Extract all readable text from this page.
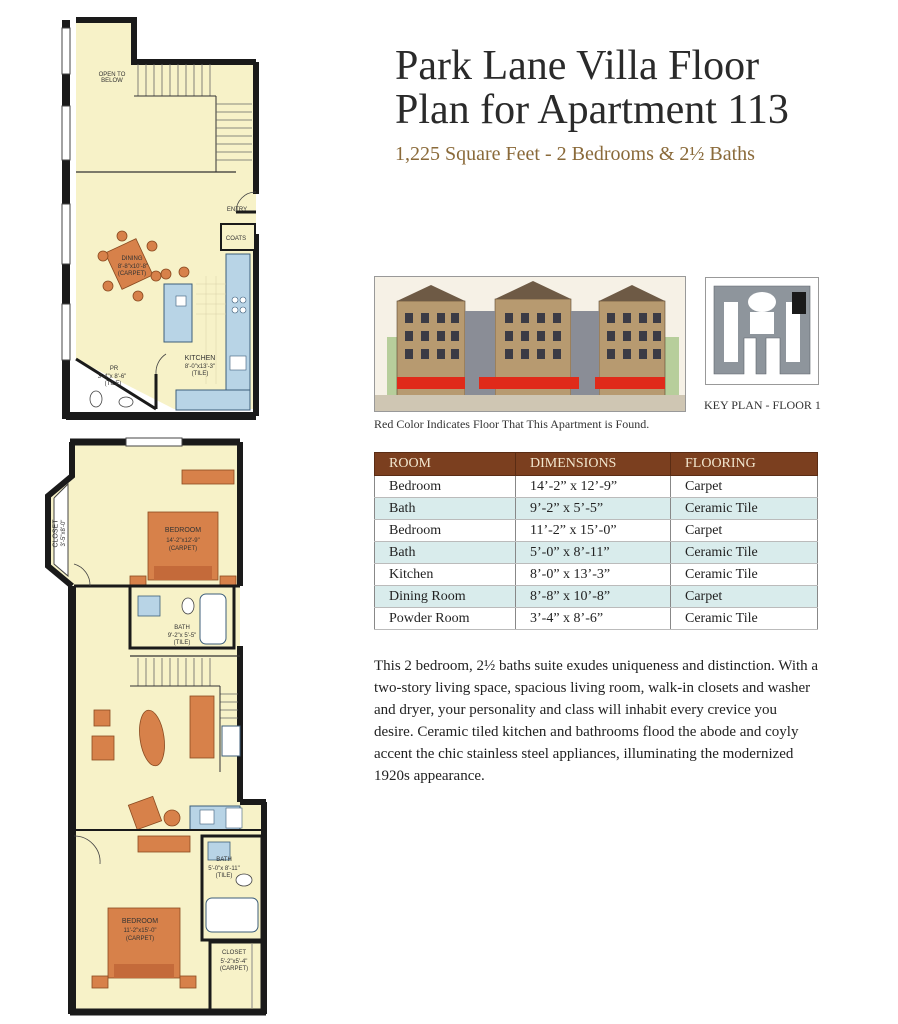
OPEN TO BELOW
ENTRY
COATS
DINING
8'-8"x10'-8"
(CARPET)
KITCHEN
8'-0"x13'-3"
(TILE)
PR
3'-4"x 8'-6"
(TILE)
CLOSET 3'-5"x8'-0"	BEDROOM
14'-2"x12'-9"
(CARPET)
BATH
9'-2"x 5'-5"
(TILE)
BATH
5'-0"x 8'-11"
(TILE)
BEDROOM
11'-2"x15'-0"
(CARPET)
CLOSET
5'-2"x5'-4"
(CARPET)
Park Lane Villa Floor
Plan for Apartment 113
1,225 Square Feet - 2 Bedrooms & 2½ Baths
Red Color Indicates Floor That This Apartment is Found.
KEY PLAN - FLOOR 1
ROOM	DIMENSIONS	FLOORING
Bedroom	14’-2” x 12’-9”	Carpet
Bath	9’-2” x 5’-5”	Ceramic Tile
Bedroom	11’-2” x 15’-0”	Carpet
Bath	5’-0” x 8’-11”	Ceramic Tile
Kitchen	8’-0” x 13’-3”	Ceramic Tile
Dining Room	8’-8” x 10’-8”	Carpet
Powder Room	3’-4” x 8’-6”	Ceramic Tile
This 2 bedroom, 2½ baths suite exudes uniqueness and distinction. With a two-story living space, spacious living room, walk-in closets and washer and dryer, your personality and class will inhabit every crevice you desire. Ceramic tiled kitchen and bathrooms flood the abode and coyly accent the chic stainless steel appliances, illuminating the modernized 1920s appearance.
